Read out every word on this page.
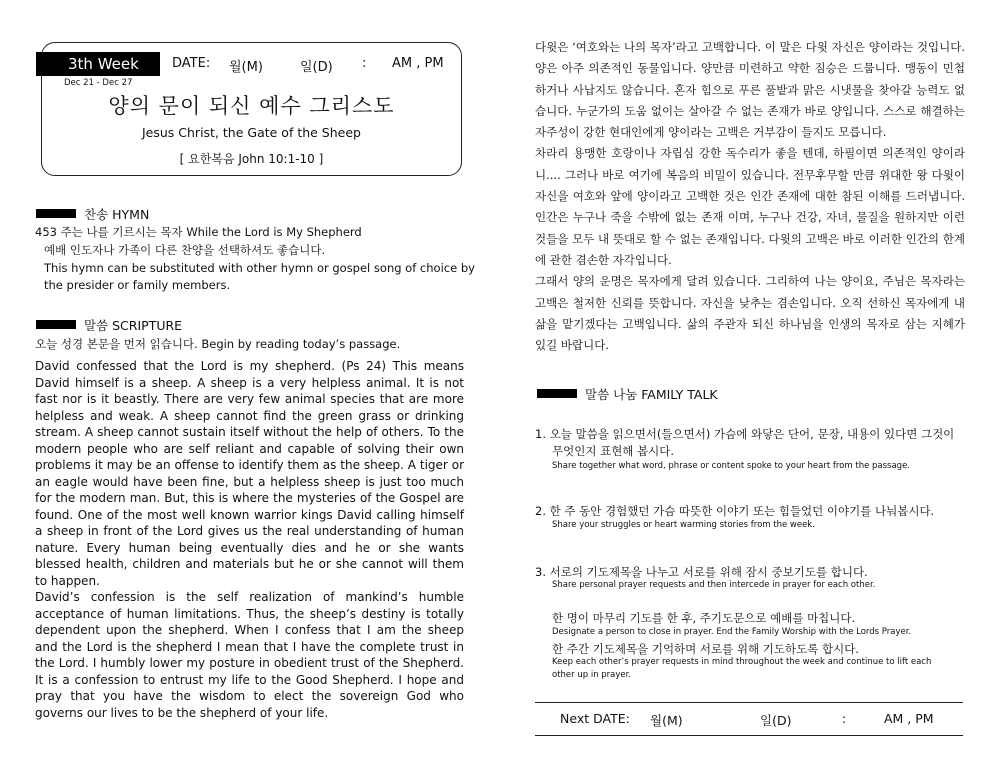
3th Week	DATE: 월(M)	일(D) : AM , PM
Dec 21 - Dec 27
양의 문이 되신 예수 그리스도
Jesus Christ, the Gate of the Sheep
[ 요한복음 John 10:1-10 ]
찬송 HYMN
453 주는 나를 기르시는 목자 While the Lord is My Shepherd
예배 인도자나 가족이 다른 찬양을 선택하셔도 좋습니다.
This hymn can be substituted with other hymn or gospel song of choice by
the presider or family members.
말씀 SCRIPTURE
오늘 성경 본문을 먼저 읽습니다. Begin by reading today’s passage.

David confessed that the Lord is my shepherd. (Ps 24) This means David himself is a sheep. A sheep is a very helpless animal. It is not fast nor is it beastly. There are very few animal species that are more helpless and weak. A sheep cannot find the green grass or drinking stream. A sheep cannot sustain itself without the help of others. To the modern people who are self reliant and capable of solving their own problems it may be an offense to identify them as the sheep. A tiger or an eagle would have been fine, but a helpless sheep is just too much for the modern man. But, this is where the mysteries of the Gospel are found. One of the most well known warrior kings David calling himself a sheep in front of the Lord gives us the real understanding of human nature. Every human being eventually dies and he or she wants blessed health, children and materials but he or she cannot will them to happen.

David’s confession is the self realization of mankind’s humble acceptance of human limitations. Thus, the sheep’s destiny is totally dependent upon the shepherd. When I confess that I am the sheep and the Lord is the shepherd I mean that I have the complete trust in the Lord. I humbly lower my posture in obedient trust of the Shepherd. It is a confession to entrust my life to the Good Shepherd. I hope and pray that you have the wisdom to elect the sovereign God who governs our lives to be the shepherd of your life.

다윗은 ‘여호와는 나의 목자’라고 고백합니다. 이 말은 다윗 자신은 양이라는 것입니다. 양은 아주 의존적인 동물입니다. 양만큼 미련하고 약한 짐승은 드뭅니다. 맹동이 민첩하거나 사납지도 않습니다. 혼자 힘으로 푸른 풀밭과 맑은 시냇물을 찾아갈 능력도 없습니다. 누군가의 도움 없이는 살아갈 수 없는 존재가 바로 양입니다. 스스로 해결하는 자주성이 강한 현대인에게 양이라는 고백은 거부감이 들지도 모릅니다.

차라리 용맹한 호랑이나 자립심 강한 독수리가 좋을 텐데, 하필이면 의존적인 양이라니.... 그러나 바로 여기에 복음의 비밀이 있습니다. 전무후무할 만큼 위대한 왕 다윗이 자신을 여호와 앞에 양이라고 고백한 것은 인간 존재에 대한 참된 이해를 드러냅니다. 인간은 누구나 죽을 수밖에 없는 존재 이며, 누구나 건강, 자녀, 물질을 원하지만 이런 것들을 모두 내 뜻대로 할 수 없는 존재입니다. 다윗의 고백은 바로 이러한 인간의 한계에 관한 겸손한 자각입니다.

그래서 양의 운명은 목자에게 달려 있습니다. 그리하여 나는 양이요, 주님은 목자라는 고백은 철저한 신뢰를 뜻합니다. 자신을 낮추는 겸손입니다. 오직 선하신 목자에게 내 삶을 맡기겠다는 고백입니다. 삶의 주관자 되신 하나님을 인생의 목자로 삼는 지혜가 있길 바랍니다.

말씀 나눔 FAMILY TALK
1. 오늘 말씀을 읽으면서(들으면서) 가슴에 와닿은 단어, 문장, 내용이 있다면 그것이
무엇인지 표현해 봅시다.
Share together what word, phrase or content spoke to your heart from the passage.
2. 한 주 동안 경험했던 가슴 따뜻한 이야기 또는 힘들었던 이야기를 나눠봅시다.
Share your struggles or heart warming stories from the week.
3. 서로의 기도제목을 나누고 서로를 위해 잠시 중보기도를 합니다.
Share personal prayer requests and then intercede in prayer for each other.
한 명이 마무리 기도를 한 후, 주기도문으로 예배를 마칩니다.
Designate a person to close in prayer. End the Family Worship with the Lords Prayer.
한 주간 기도제목을 기억하며 서로를 위해 기도하도록 합시다.
Keep each other’s prayer requests in mind throughout the week and continue to lift each
other up in prayer.
Next DATE: 월(M)	일(D)	:	AM , PM
